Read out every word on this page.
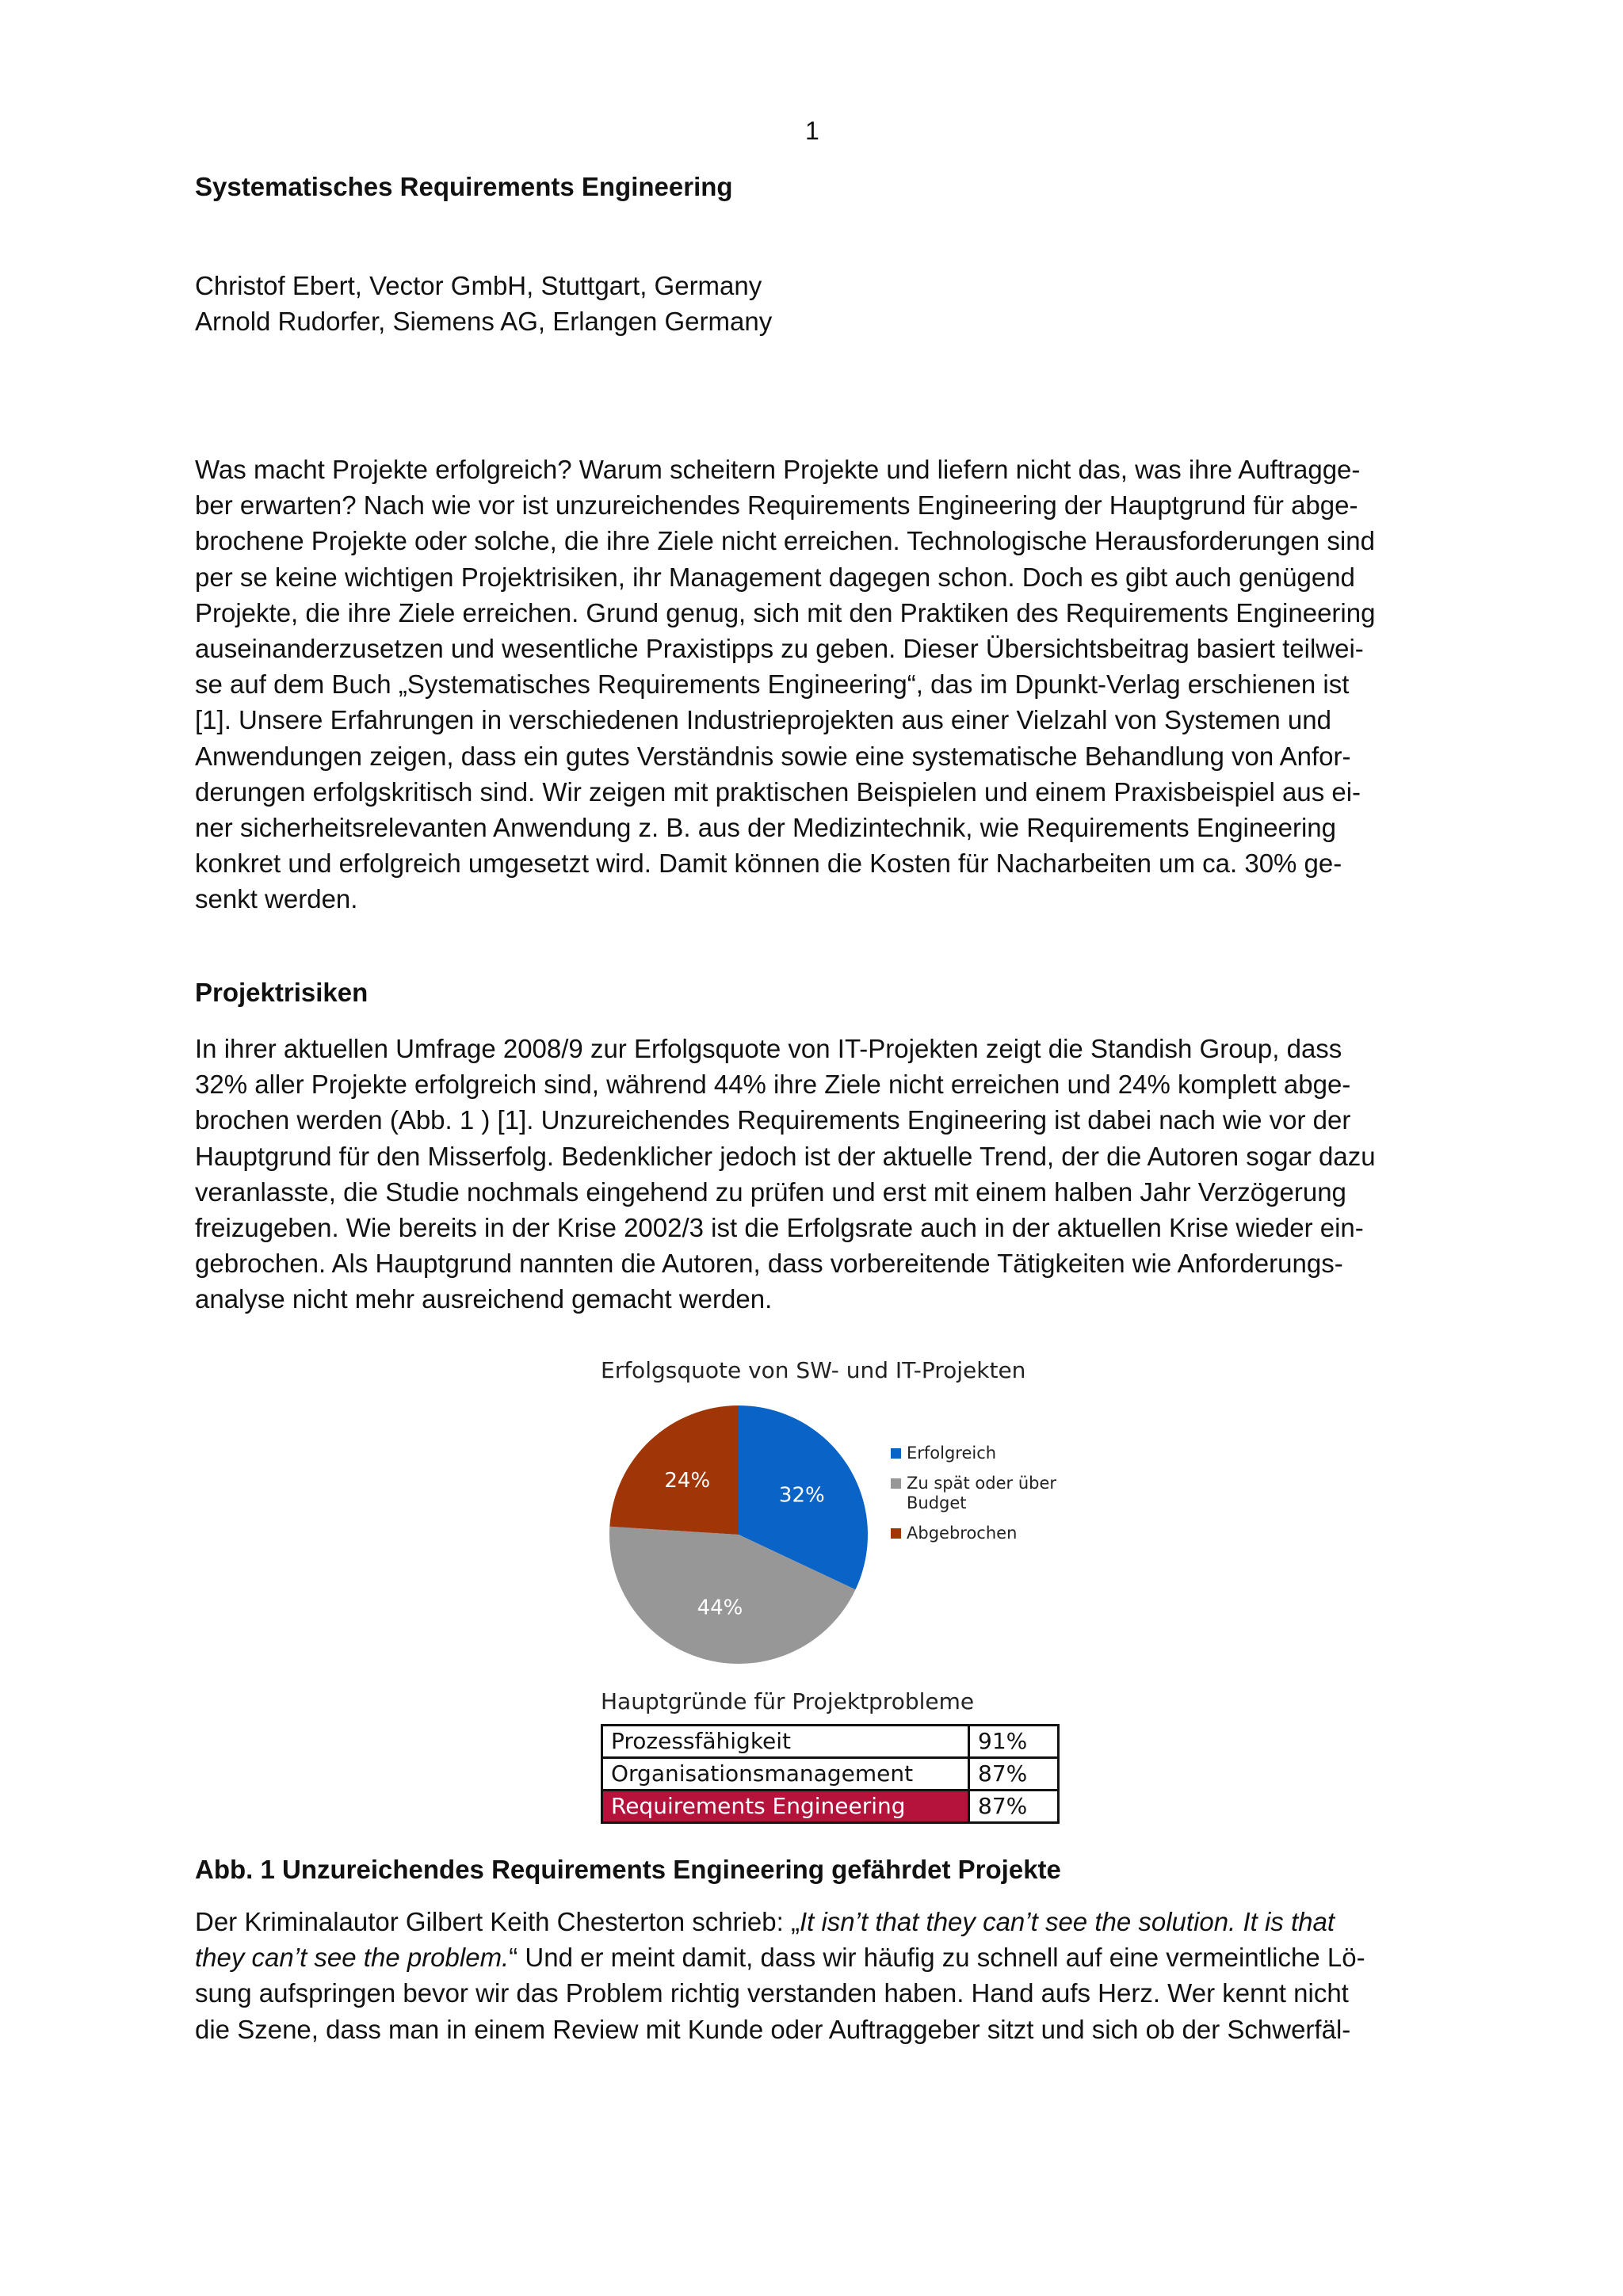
1
Systematisches Requirements Engineering
Christof Ebert, Vector GmbH, Stuttgart, Germany
Arnold Rudorfer, Siemens AG, Erlangen Germany
Was macht Projekte erfolgreich? Warum scheitern Projekte und liefern nicht das, was ihre Auftragge-
ber erwarten? Nach wie vor ist unzureichendes Requirements Engineering der Hauptgrund für abge-
brochene Projekte oder solche, die ihre Ziele nicht erreichen. Technologische Herausforderungen sind
per se keine wichtigen Projektrisiken, ihr Management dagegen schon. Doch es gibt auch genügend
Projekte, die ihre Ziele erreichen. Grund genug, sich mit den Praktiken des Requirements Engineering
auseinanderzusetzen und wesentliche Praxistipps zu geben. Dieser Übersichtsbeitrag basiert teilwei-
se auf dem Buch „Systematisches Requirements Engineering“, das im Dpunkt-Verlag erschienen ist
[1]. Unsere Erfahrungen in verschiedenen Industrieprojekten aus einer Vielzahl von Systemen und
Anwendungen zeigen, dass ein gutes Verständnis sowie eine systematische Behandlung von Anfor-
derungen erfolgskritisch sind. Wir zeigen mit praktischen Beispielen und einem Praxisbeispiel aus ei-
ner sicherheitsrelevanten Anwendung z. B. aus der Medizintechnik, wie Requirements Engineering
konkret und erfolgreich umgesetzt wird. Damit können die Kosten für Nacharbeiten um ca. 30% ge-
senkt werden.
Projektrisiken
In ihrer aktuellen Umfrage 2008/9 zur Erfolgsquote von IT-Projekten zeigt die Standish Group, dass
32% aller Projekte erfolgreich sind, während 44% ihre Ziele nicht erreichen und 24% komplett abge-
brochen werden (Abb. 1 ) [1]. Unzureichendes Requirements Engineering ist dabei nach wie vor der
Hauptgrund für den Misserfolg. Bedenklicher jedoch ist der aktuelle Trend, der die Autoren sogar dazu
veranlasste, die Studie nochmals eingehend zu prüfen und erst mit einem halben Jahr Verzögerung
freizugeben. Wie bereits in der Krise 2002/3 ist die Erfolgsrate auch in der aktuellen Krise wieder ein-
gebrochen. Als Hauptgrund nannten die Autoren, dass vorbereitende Tätigkeiten wie Anforderungs-
analyse nicht mehr ausreichend gemacht werden.
Erfolgsquote von SW- und IT-Projekten
32%
44%
24%
Erfolgreich
Zu spät oder über Budget
Abgebrochen
Hauptgründe für Projektprobleme
Prozessfähigkeit	91%
Organisationsmanagement	87%
Requirements Engineering	87%
Abb. 1 Unzureichendes Requirements Engineering gefährdet Projekte
Der Kriminalautor Gilbert Keith Chesterton schrieb: „It isn’t that they can’t see the solution. It is that
they can’t see the problem.“ Und er meint damit, dass wir häufig zu schnell auf eine vermeintliche Lö-
sung aufspringen bevor wir das Problem richtig verstanden haben. Hand aufs Herz. Wer kennt nicht
die Szene, dass man in einem Review mit Kunde oder Auftraggeber sitzt und sich ob der Schwerfäl-
